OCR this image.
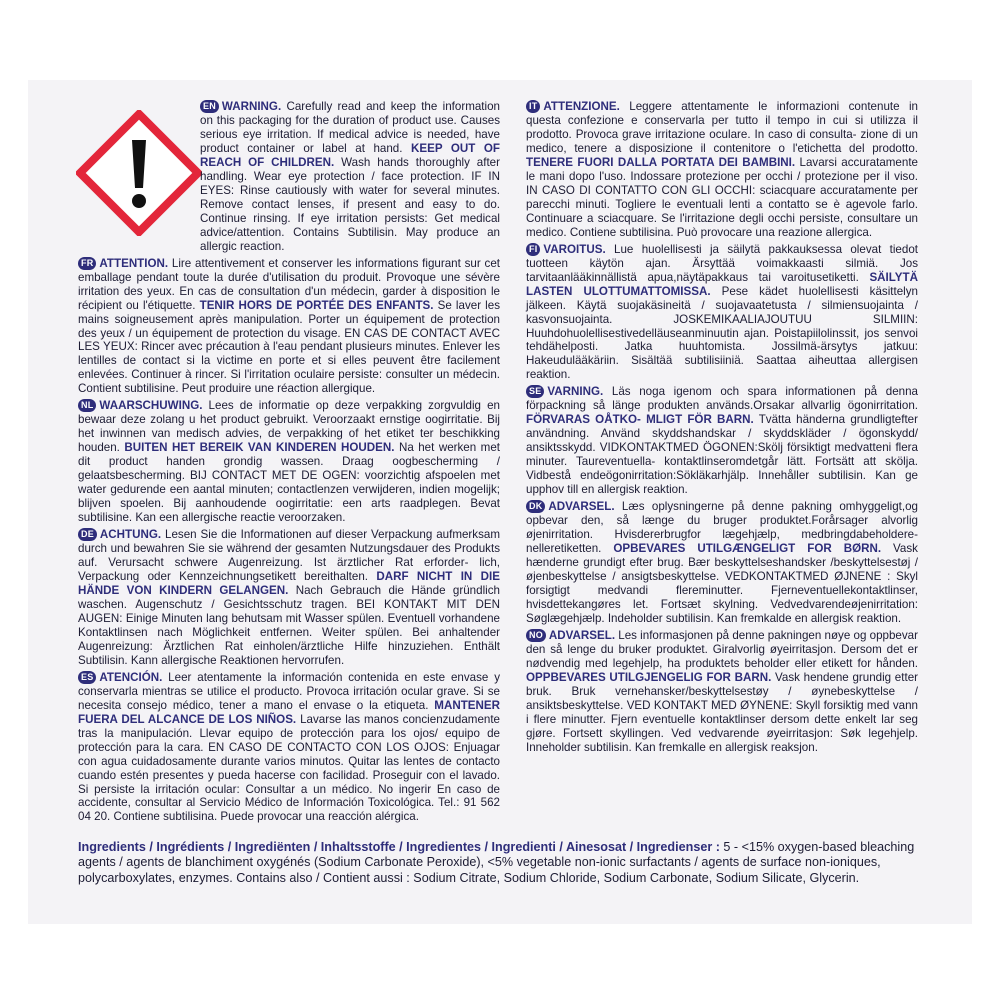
EN WARNING. Carefully read and keep the information on this packaging for the duration of product use. Causes serious eye irritation. If medical advice is needed, have product container or label at hand. KEEP OUT OF REACH OF CHILDREN. Wash hands thoroughly after handling. Wear eye protection / face protection. IF IN EYES: Rinse cautiously with water for several minutes. Remove contact lenses, if present and easy to do. Continue rinsing. If eye irritation persists: Get medical advice/attention. Contains Subtilisin. May produce an allergic reaction.
FR ATTENTION. Lire attentivement et conserver les informations figurant sur cet emballage pendant toute la durée d'utilisation du produit. Provoque une sévère irritation des yeux. En cas de consultation d'un médecin, garder à disposition le récipient ou l'étiquette. TENIR HORS DE PORTÉE DES ENFANTS. Se laver les mains soigneusement après manipulation. Porter un équipement de protection des yeux / un équipement de protection du visage. EN CAS DE CONTACT AVEC LES YEUX: Rincer avec précaution à l'eau pendant plusieurs minutes. Enlever les lentilles de contact si la victime en porte et si elles peuvent être facilement enlevées. Continuer à rincer. Si l'irritation oculaire persiste: consulter un médecin. Contient subtilisine. Peut produire une réaction allergique.
NL WAARSCHUWING. Lees de informatie op deze verpakking zorgvuldig en bewaar deze zolang u het product gebruikt. Veroorzaakt ernstige oogirritatie. Bij het inwinnen van medisch advies, de verpakking of het etiket ter beschikking houden. BUITEN HET BEREIK VAN KINDEREN HOUDEN. Na het werken met dit product handen grondig wassen. Draag oogbescherming / gelaatsbescherming. BIJ CONTACT MET DE OGEN: voorzichtig afspoelen met water gedurende een aantal minuten; contactlenzen verwijderen, indien mogelijk; blijven spoelen. Bij aanhoudende oogirritatie: een arts raadplegen. Bevat subtilisine. Kan een allergische reactie veroorzaken.
DE ACHTUNG. Lesen Sie die Informationen auf dieser Verpackung aufmerksam durch und bewahren Sie sie während der gesamten Nutzungsdauer des Produkts auf. Verursacht schwere Augenreizung. Ist ärztlicher Rat erforder- lich, Verpackung oder Kennzeichnungsetikett bereithalten. DARF NICHT IN DIE HÄNDE VON KINDERN GELANGEN. Nach Gebrauch die Hände gründlich waschen. Augenschutz / Gesichtsschutz tragen. BEI KONTAKT MIT DEN AUGEN: Einige Minuten lang behutsam mit Wasser spülen. Eventuell vorhandene Kontaktlinsen nach Möglichkeit entfernen. Weiter spülen. Bei anhaltender Augenreizung: Ärztlichen Rat einholen/ärztliche Hilfe hinzuziehen. Enthält Subtilisin. Kann allergische Reaktionen hervorrufen.
ES ATENCIÓN. Leer atentamente la información contenida en este envase y conservarla mientras se utilice el producto. Provoca irritación ocular grave. Si se necesita consejo médico, tener a mano el envase o la etiqueta. MANTENER FUERA DEL ALCANCE DE LOS NIÑOS. Lavarse las manos concienzudamente tras la manipulación. Llevar equipo de protección para los ojos/ equipo de protección para la cara. EN CASO DE CONTACTO CON LOS OJOS: Enjuagar con agua cuidadosamente durante varios minutos. Quitar las lentes de contacto cuando estén presentes y pueda hacerse con facilidad. Proseguir con el lavado. Si persiste la irritación ocular: Consultar a un médico. No ingerir En caso de accidente, consultar al Servicio Médico de Información Toxicológica. Tel.: 91 562 04 20. Contiene subtilisina. Puede provocar una reacción alérgica.
IT ATTENZIONE. Leggere attentamente le informazioni contenute in questa confezione e conservarla per tutto il tempo in cui si utilizza il prodotto. Provoca grave irritazione oculare. In caso di consulta- zione di un medico, tenere a disposizione il contenitore o l'etichetta del prodotto. TENERE FUORI DALLA PORTATA DEI BAMBINI. Lavarsi accuratamente le mani dopo l'uso. Indossare protezione per occhi / protezione per il viso. IN CASO DI CONTATTO CON GLI OCCHI: sciacquare accuratamente per parecchi minuti. Togliere le eventuali lenti a contatto se è agevole farlo. Continuare a sciacquare. Se l'irritazione degli occhi persiste, consultare un medico. Contiene subtilisina. Può provocare una reazione allergica.
FI VAROITUS. Lue huolellisesti ja säilytä pakkauksessa olevat tiedot tuotteen käytön ajan. Ärsyttää voimakkaasti silmiä. Jos tarvitaanlääkinnällistä apua,näytäpakkaus tai varoitusetiketti. SÄILYTÄ LASTEN ULOTTUMATTOMISSA. Pese kädet huolellisesti käsittelyn jälkeen. Käytä suojakäsineitä / suojavaatetusta / silmiensuojainta / kasvonsuojainta. JOSKEMIKAALIAJOUTUU SILMIIN: Huuhdohuolellisestivedelläuseanminuutin ajan. Poistapiilolinssit, jos senvoi tehdähelposti. Jatka huuhtomista. Jossilmä-ärsytys jatkuu: Hakeudulääkäriin. Sisältää subtilisiiniä. Saattaa aiheuttaa allergisen reaktion.
SE VARNING. Läs noga igenom och spara informationen på denna förpackning så länge produkten används.Orsakar allvarlig ögonirritation. FÖRVARAS OÅTKO- MLIGT FÖR BARN. Tvätta händerna grundligtefter användning. Använd skyddshandskar / skyddskläder / ögonskydd/ ansiktsskydd. VIDKONTAKTMED ÖGONEN:Skölj försiktigt medvatteni flera minuter. Taureventuella- kontaktlinseromdetgår lätt. Fortsätt att skölja. Vidbestå endeögonirritation:Sökläkarhjälp. Innehåller subtilisin. Kan ge upphov till en allergisk reaktion.
DK ADVARSEL. Læs oplysningerne på denne pakning omhyggeligt,og opbevar den, så længe du bruger produktet.Forårsager alvorlig øjenirritation. Hvisdererbrugfor lægehjælp, medbringdabeholdere- nelleretiketten. OPBEVARES UTILGÆNGELIGT FOR BØRN. Vask hænderne grundigt efter brug. Bær beskyttelseshandsker /beskyttelsestøj / øjenbeskyttelse / ansigtsbeskyttelse. VEDKONTAKTMED ØJNENE : Skyl forsigtigt medvandi flereminutter. Fjerneventuellekontaktlinser, hvisdettekangøres let. Fortsæt skylning. Vedvedvarendeøjenirritation: Søglægehjælp. Indeholder subtilisin. Kan fremkalde en allergisk reaktion.
NO ADVARSEL. Les informasjonen på denne pakningen nøye og oppbevar den så lenge du bruker produktet. Giralvorlig øyeirritasjon. Dersom det er nødvendig med legehjelp, ha produktets beholder eller etikett for hånden. OPPBEVARES UTILGJENGELIG FOR BARN. Vask hendene grundig etter bruk. Bruk vernehansker/beskyttelsestøy / øynebeskyttelse / ansiktsbeskyttelse. VED KONTAKT MED ØYNENE: Skyll forsiktig med vann i flere minutter. Fjern eventuelle kontaktlinser dersom dette enkelt lar seg gjøre. Fortsett skyllingen. Ved vedvarende øyeirritasjon: Søk legehjelp. Inneholder subtilisin. Kan fremkalle en allergisk reaksjon.
Ingredients / Ingrédients / Ingrediënten / Inhaltsstoffe / Ingredientes / Ingredienti / Ainesosat / Ingredienser : 5 - <15% oxygen-based bleaching agents / agents de blanchiment oxygénés (Sodium Carbonate Peroxide), <5% vegetable non-ionic surfactants / agents de surface non-ioniques, polycarboxylates, enzymes. Contains also / Contient aussi : Sodium Citrate, Sodium Chloride, Sodium Carbonate, Sodium Silicate, Glycerin.
